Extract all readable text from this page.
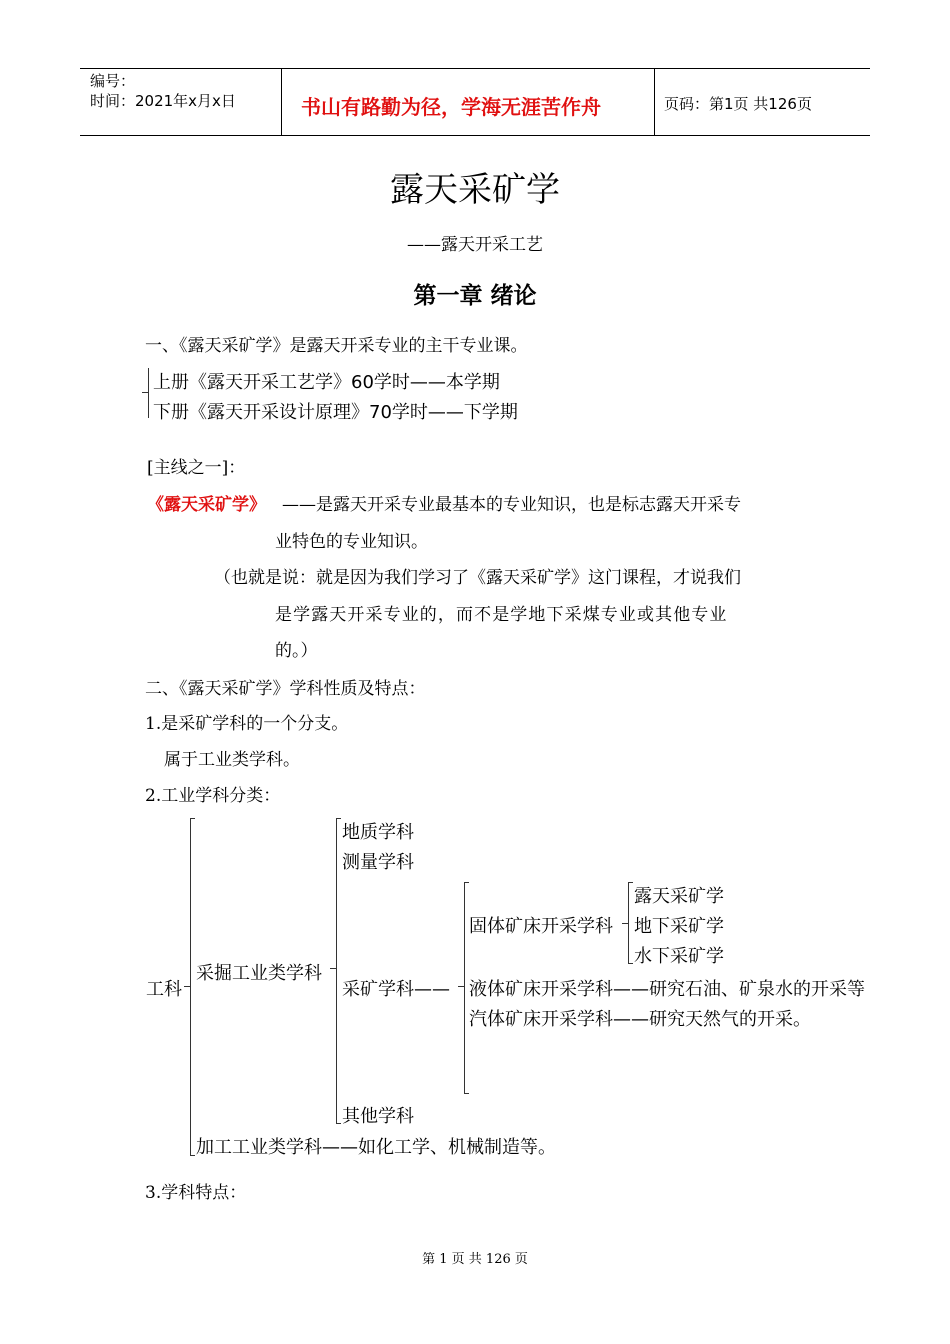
编号：
时间：2021年x月x日	书山有路勤为径，学海无涯苦作舟	页码：第1页 共126页
露天采矿学
——露天开采工艺
第一章 绪论
一、《露天采矿学》是露天开采专业的主干专业课。
上册《露天开采工艺学》60学时——本学期
下册《露天开采设计原理》70学时——下学期
[主线之一]：
《露天采矿学》 ——是露天开采专业最基本的专业知识，也是标志露天开采专
业特色的专业知识。
（也就是说：就是因为我们学习了《露天采矿学》这门课程，才说我们
是学露天开采专业的，而不是学地下采煤专业或其他专业
的。）
二、《露天采矿学》学科性质及特点：
1.是采矿学科的一个分支。
属于工业类学科。
2.工业学科分类：
工科
采掘工业类学科
地质学科
测量学科
采矿学科——
固体矿床开采学科
露天采矿学
地下采矿学
水下采矿学
液体矿床开采学科——研究石油、矿泉水的开采等
汽体矿床开采学科——研究天然气的开采。
其他学科
加工工业类学科——如化工学、机械制造等。
3.学科特点：
第 1 页 共 126 页
